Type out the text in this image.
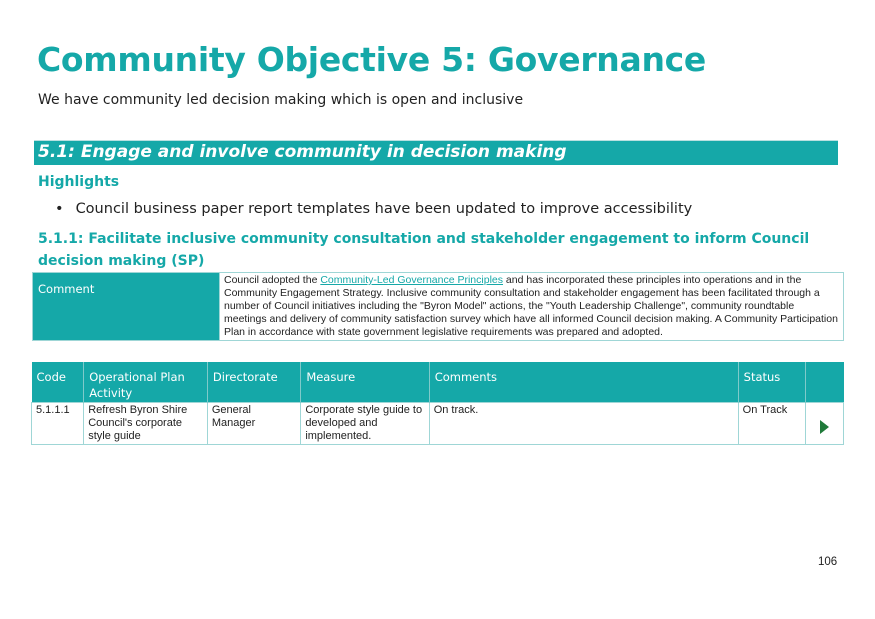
Community Objective 5: Governance
We have community led decision making which is open and inclusive
5.1: Engage and involve community in decision making
Highlights
• Council business paper report templates have been updated to improve accessibility
5.1.1: Facilitate inclusive community consultation and stakeholder engagement to inform Council decision making (SP)
Comment	Council adopted the Community-Led Governance Principles and has incorporated these principles into operations and in the Community Engagement Strategy. Inclusive community consultation and stakeholder engagement has been facilitated through a number of Council initiatives including the "Byron Model" actions, the "Youth Leadership Challenge", community roundtable meetings and delivery of community satisfaction survey which have all informed Council decision making. A Community Participation Plan in accordance with state government legislative requirements was prepared and adopted.
Code	Operational Plan Activity	Directorate	Measure	Comments	Status	
5.1.1.1	Refresh Byron Shire Council's corporate style guide	General Manager	Corporate style guide to developed and implemented.	On track.	On Track	
106
